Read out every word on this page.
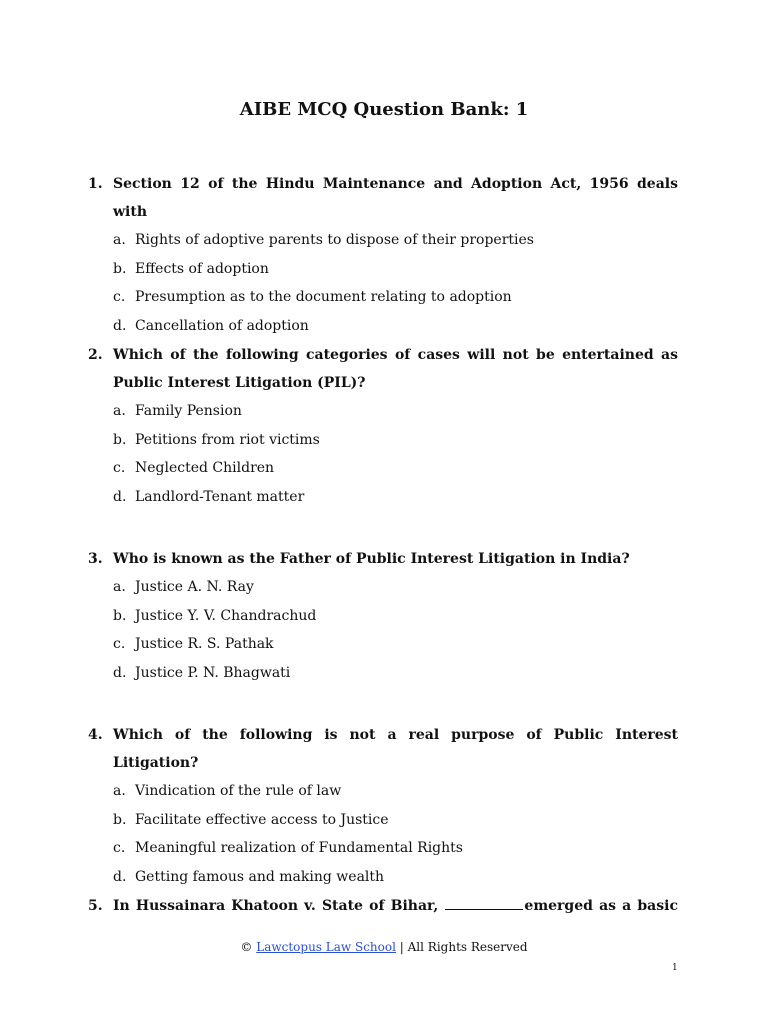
AIBE MCQ Question Bank: 1
1. Section 12 of the Hindu Maintenance and Adoption Act, 1956 deals with
a. Rights of adoptive parents to dispose of their properties
b. Effects of adoption
c. Presumption as to the document relating to adoption
d. Cancellation of adoption
2. Which of the following categories of cases will not be entertained as Public Interest Litigation (PIL)?
a. Family Pension
b. Petitions from riot victims
c. Neglected Children
d. Landlord-Tenant matter
3. Who is known as the Father of Public Interest Litigation in India?
a. Justice A. N. Ray
b. Justice Y. V. Chandrachud
c. Justice R. S. Pathak
d. Justice P. N. Bhagwati
4. Which of the following is not a real purpose of Public Interest Litigation?
a. Vindication of the rule of law
b. Facilitate effective access to Justice
c. Meaningful realization of Fundamental Rights
d. Getting famous and making wealth
5. In Hussainara Khatoon v. State of Bihar,	emerged as a basic
© Lawctopus Law School | All Rights Reserved
1
